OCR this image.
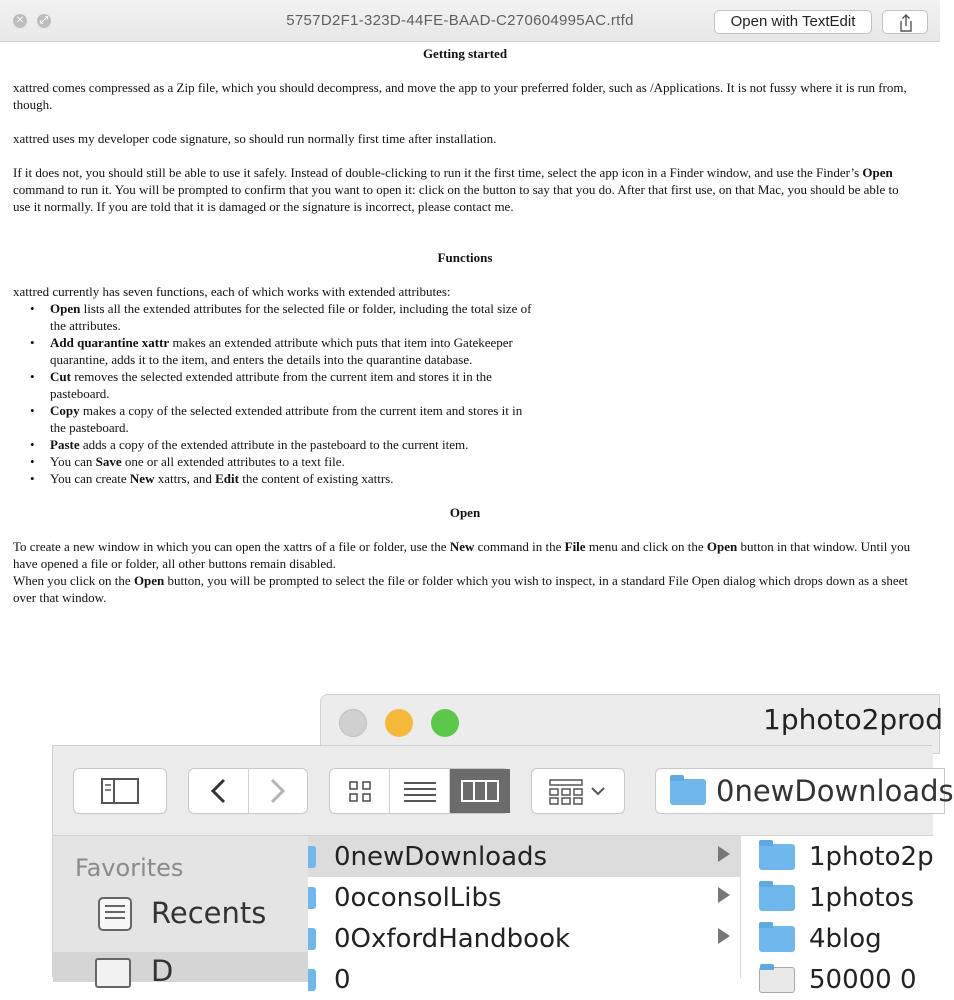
✕	⤢	5757D2F1-323D-44FE-BAAD-C270604995AC.rtfd	Open with TextEdit
Getting started

xattred comes compressed as a Zip file, which you should decompress, and move the app to your preferred folder, such as /Applications. It is not fussy where it is run from, though.

xattred uses my developer code signature, so should run normally first time after installation.

If it does not, you should still be able to use it safely. Instead of double-clicking to run it the first time, select the app icon in a Finder window, and use the Finder’s Open command to run it. You will be prompted to confirm that you want to open it: click on the button to say that you do. After that first use, on that Mac, you should be able to use it normally. If you are told that it is damaged or the signature is incorrect, please contact me.

Functions

xattred currently has seven functions, each of which works with extended attributes:

• Open lists all the extended attributes for the selected file or folder, including the total size of the attributes.
• Add quarantine xattr makes an extended attribute which puts that item into Gatekeeper quarantine, adds it to the item, and enters the details into the quarantine database.
• Cut removes the selected extended attribute from the current item and stores it in the pasteboard.
• Copy makes a copy of the selected extended attribute from the current item and stores it in the pasteboard.
• Paste adds a copy of the extended attribute in the pasteboard to the current item.
• You can Save one or all extended attributes to a text file.
• You can create New xattrs, and Edit the content of existing xattrs.
Open

To create a new window in which you can open the xattrs of a file or folder, use the New command in the File menu and click on the Open button in that window. Until you have opened a file or folder, all other buttons remain disabled.

When you click on the Open button, you will be prompted to select the file or folder which you wish to inspect, in a standard File Open dialog which drops down as a sheet over that window.

1photo2prod
0newDownloads
Favorites
Recents
D
0newDownloads
0oconsolLibs
0OxfordHandbook
0
1photo2p
1photos
4blog
50000 0
